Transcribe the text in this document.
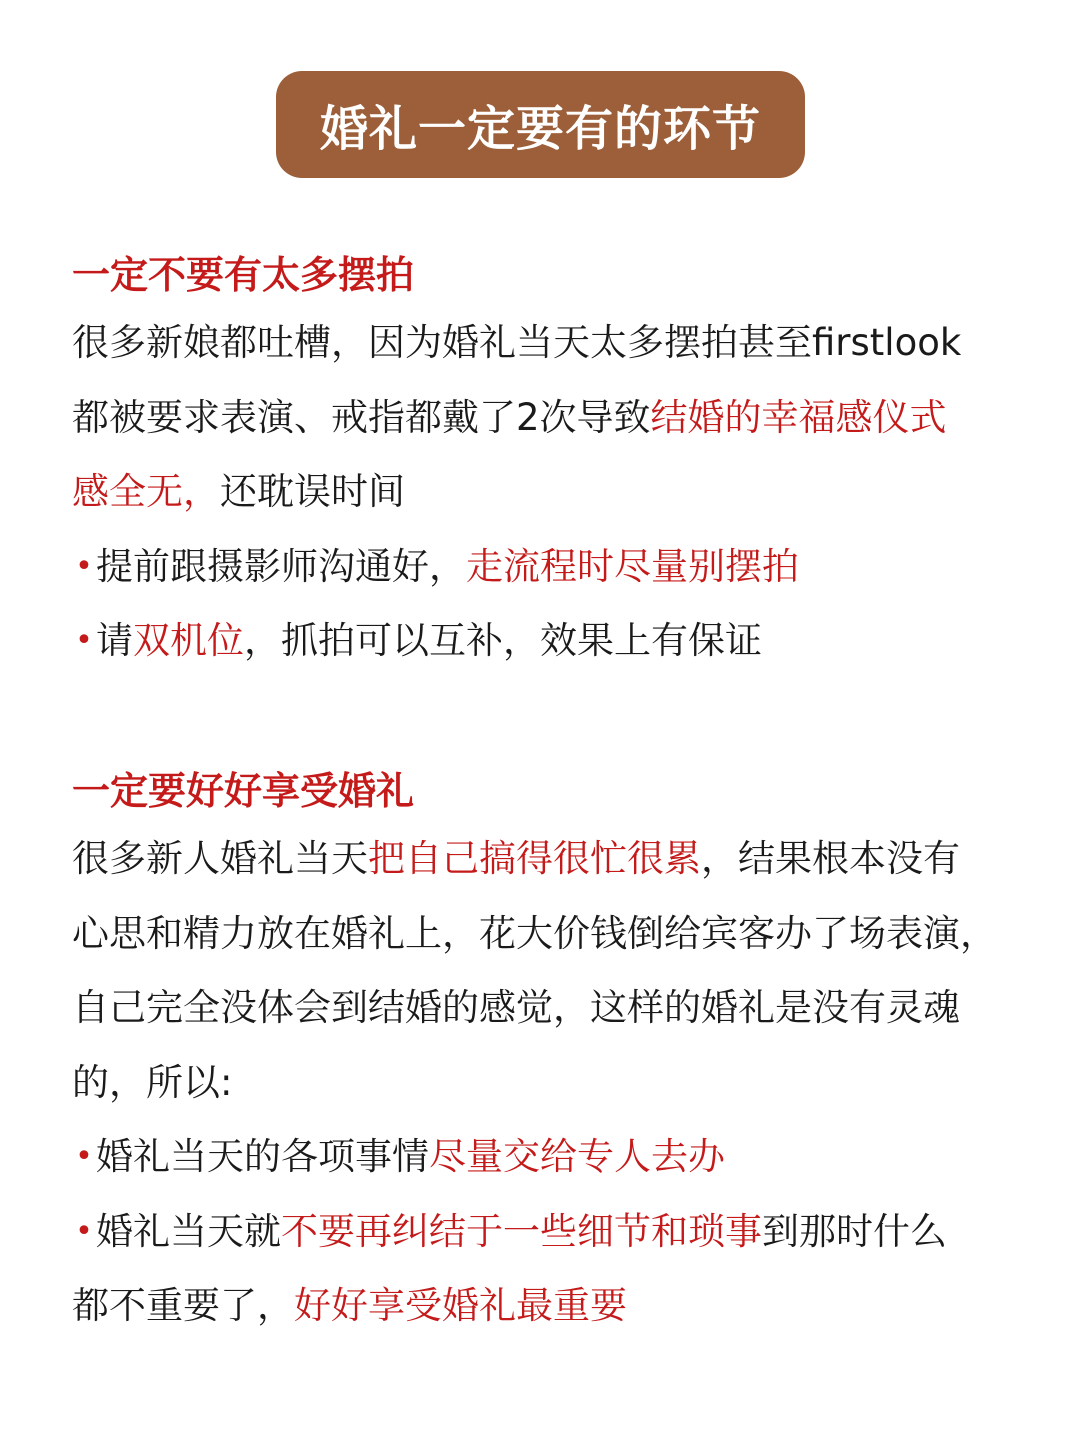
婚礼一定要有的环节
一定不要有太多摆拍
很多新娘都吐槽，因为婚礼当天太多摆拍甚至firstlook
都被要求表演、戒指都戴了2次导致结婚的幸福感仪式
感全无，还耽误时间
•提前跟摄影师沟通好，走流程时尽量别摆拍
•请双机位，抓拍可以互补，效果上有保证
一定要好好享受婚礼
很多新人婚礼当天把自己搞得很忙很累，结果根本没有
心思和精力放在婚礼上，花大价钱倒给宾客办了场表演，
自己完全没体会到结婚的感觉，这样的婚礼是没有灵魂
的，所以:
•婚礼当天的各项事情尽量交给专人去办
•婚礼当天就不要再纠结于一些细节和琐事到那时什么
都不重要了，好好享受婚礼最重要
